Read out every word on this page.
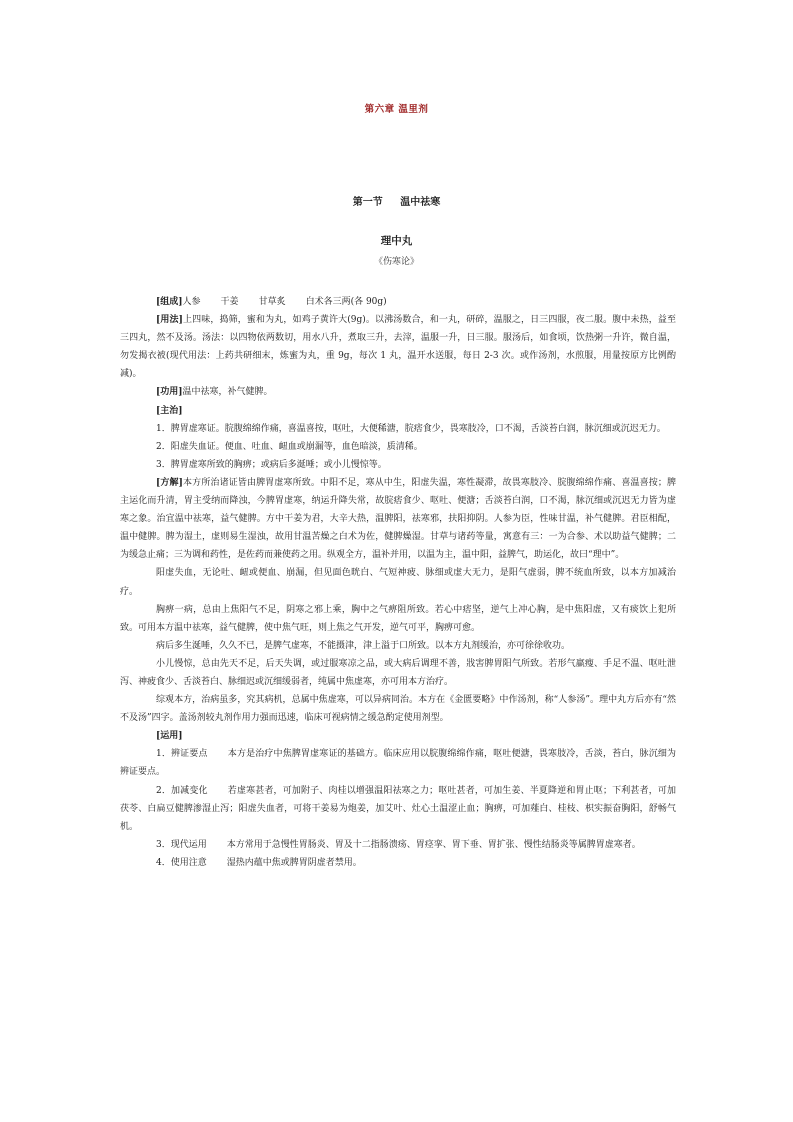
第六章 温里剂
第一节 温中祛寒
理中丸
《伤寒论》

[组成]人参 干姜 甘草炙 白术各三两(各 90g)

[用法]上四味，捣筛，蜜和为丸，如鸡子黄许大(9g)。以沸汤数合，和一丸，研碎，温服之，日三四服，夜二服。腹中未热，益至三四丸，然不及汤。汤法：以四物依两数切，用水八升，煮取三升，去滓，温服一升，日三服。服汤后，如食顷，饮热粥一升许，微自温，勿发揭衣被(现代用法：上药共研细末，炼蜜为丸，重 9g，每次 1 丸，温开水送服，每日 2-3 次。或作汤剂，水煎服，用量按原方比例酌减)。

[功用]温中祛寒，补气健脾。

[主治]

1．脾胃虚寒证。脘腹绵绵作痛，喜温喜按，呕吐，大便稀溏，脘痞食少，畏寒肢冷，口不渴，舌淡苔白润，脉沉细或沉迟无力。

2．阳虚失血证。便血、吐血、衄血或崩漏等，血色暗淡，质清稀。

3．脾胃虚寒所致的胸痹；或病后多涎唾；或小儿慢惊等。

[方解]本方所治诸证皆由脾胃虚寒所致。中阳不足，寒从中生，阳虚失温，寒性凝滞，故畏寒肢冷、脘腹绵绵作痛、喜温喜按；脾主运化而升清，胃主受纳而降浊，今脾胃虚寒，纳运升降失常，故脘痞食少、呕吐、便溏；舌淡苔白润，口不渴，脉沉细或沉迟无力皆为虚寒之象。治宜温中祛寒，益气健脾。方中干姜为君，大辛大热，温脾阳，祛寒邪，扶阳抑阴。人参为臣，性味甘温，补气健脾。君臣相配，温中健脾。脾为湿土，虚则易生湿浊，故用甘温苦燥之白术为佐，健脾燥湿。甘草与诸药等量，寓意有三：一为合参、术以助益气健脾；二为缓急止痛；三为调和药性，是佐药而兼使药之用。纵观全方，温补并用，以温为主，温中阳，益脾气，助运化，故曰“理中”。

阳虚失血，无论吐、衄或便血、崩漏，但见面色晄白、气短神疲、脉细或虚大无力，是阳气虚弱，脾不统血所致，以本方加减治疗。

胸痹一病，总由上焦阳气不足，阴寒之邪上乘，胸中之气痹阻所致。若心中痞坚，逆气上冲心胸，是中焦阳虚，又有痰饮上犯所致。可用本方温中祛寒，益气健脾，使中焦气旺，则上焦之气开发，逆气可平，胸痹可愈。

病后多生涎唾，久久不已，是脾气虚寒，不能摄津，津上溢于口所致。以本方丸剂缓治，亦可徐徐收功。

小儿慢惊，总由先天不足，后天失调，或过服寒凉之品，或大病后调理不善，戕害脾胃阳气所致。若形气羸瘦、手足不温、呕吐泄泻、神疲食少、舌淡苔白、脉细迟或沉细缓弱者，纯属中焦虚寒，亦可用本方治疗。

综观本方，治病虽多，究其病机，总属中焦虚寒，可以异病同治。本方在《金匮要略》中作汤剂，称“人参汤”。理中丸方后亦有“然不及汤”四字。盖汤剂较丸剂作用力强而迅速，临床可视病情之缓急酌定使用剂型。

[运用]

1．辨证要点 本方是治疗中焦脾胃虚寒证的基础方。临床应用以脘腹绵绵作痛，呕吐便溏，畏寒肢冷，舌淡，苔白，脉沉细为辨证要点。

2．加减变化 若虚寒甚者，可加附子、肉桂以增强温阳祛寒之力；呕吐甚者，可加生姜、半夏降逆和胃止呕；下利甚者，可加茯苓、白扁豆健脾渗湿止泻；阳虚失血者，可将干姜易为炮姜，加艾叶、灶心土温涩止血；胸痹，可加薤白、桂枝、枳实振奋胸阳，舒畅气机。

3．现代运用 本方常用于急慢性胃肠炎、胃及十二指肠溃疡、胃痉挛、胃下垂、胃扩张、慢性结肠炎等属脾胃虚寒者。

4．使用注意 湿热内蕴中焦或脾胃阴虚者禁用。
